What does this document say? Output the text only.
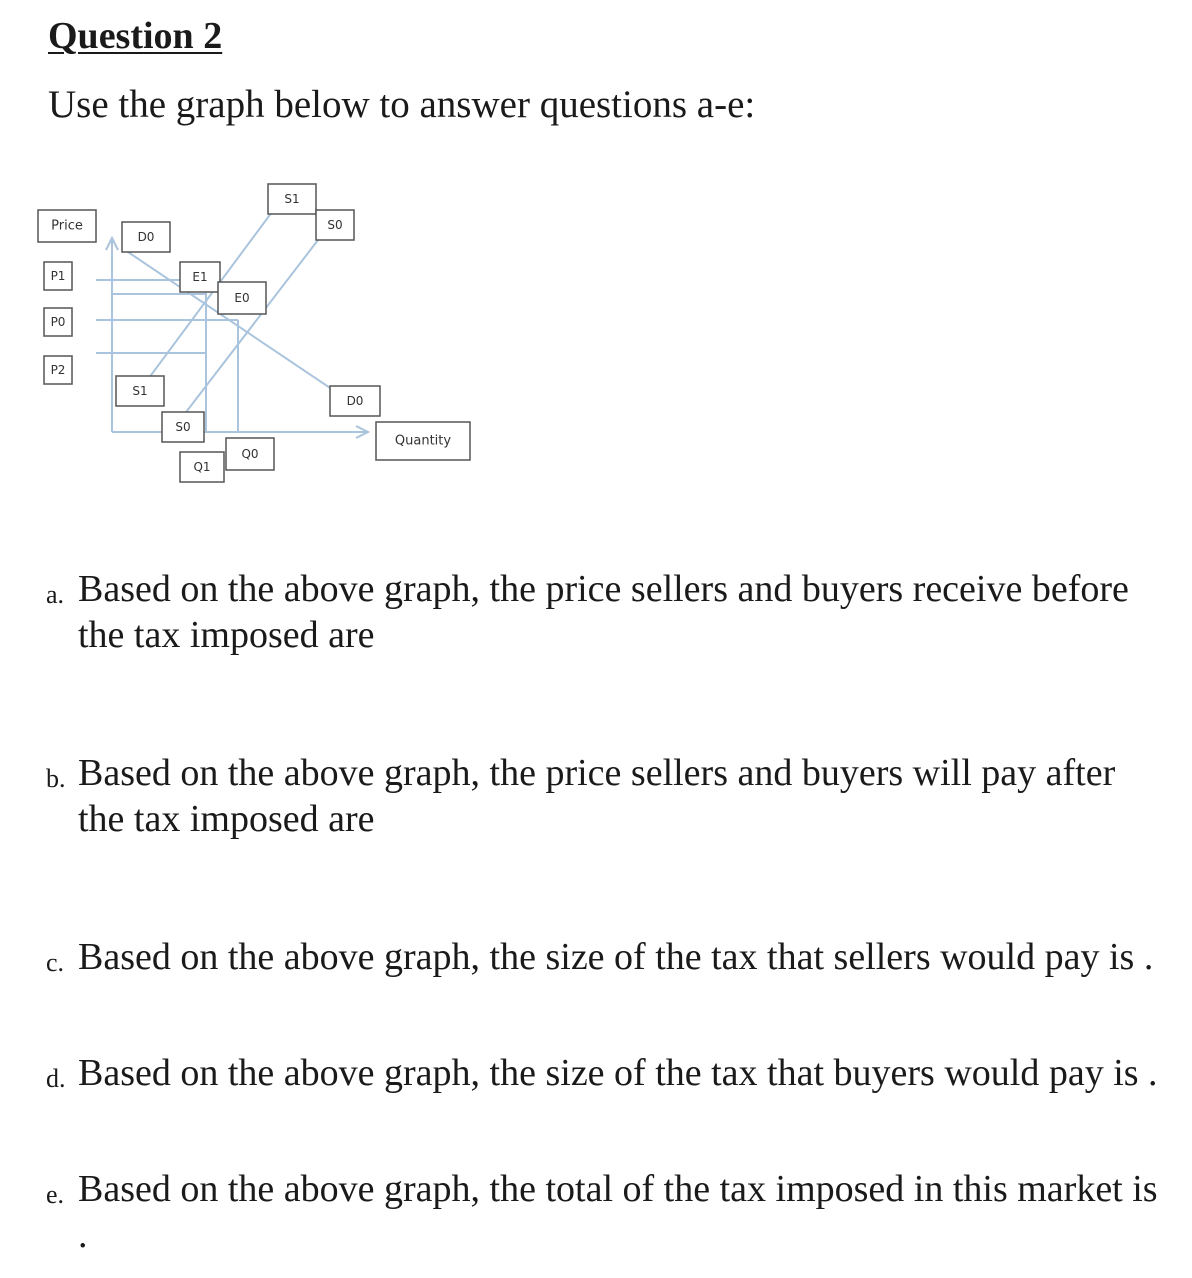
Question 2

Use the graph below to answer questions a-e:

Price
P1
P0
P2
D0
S1
S0
E1
E0
S1
D0
S0
Quantity
Q0
Q1
a. Based on the above graph, the price sellers and buyers receive before the tax imposed are
b. Based on the above graph, the price sellers and buyers will pay after the tax imposed are
c. Based on the above graph, the size of the tax that sellers would pay is .
d. Based on the above graph, the size of the tax that buyers would pay is .
e. Based on the above graph, the total of the tax imposed in this market is .
